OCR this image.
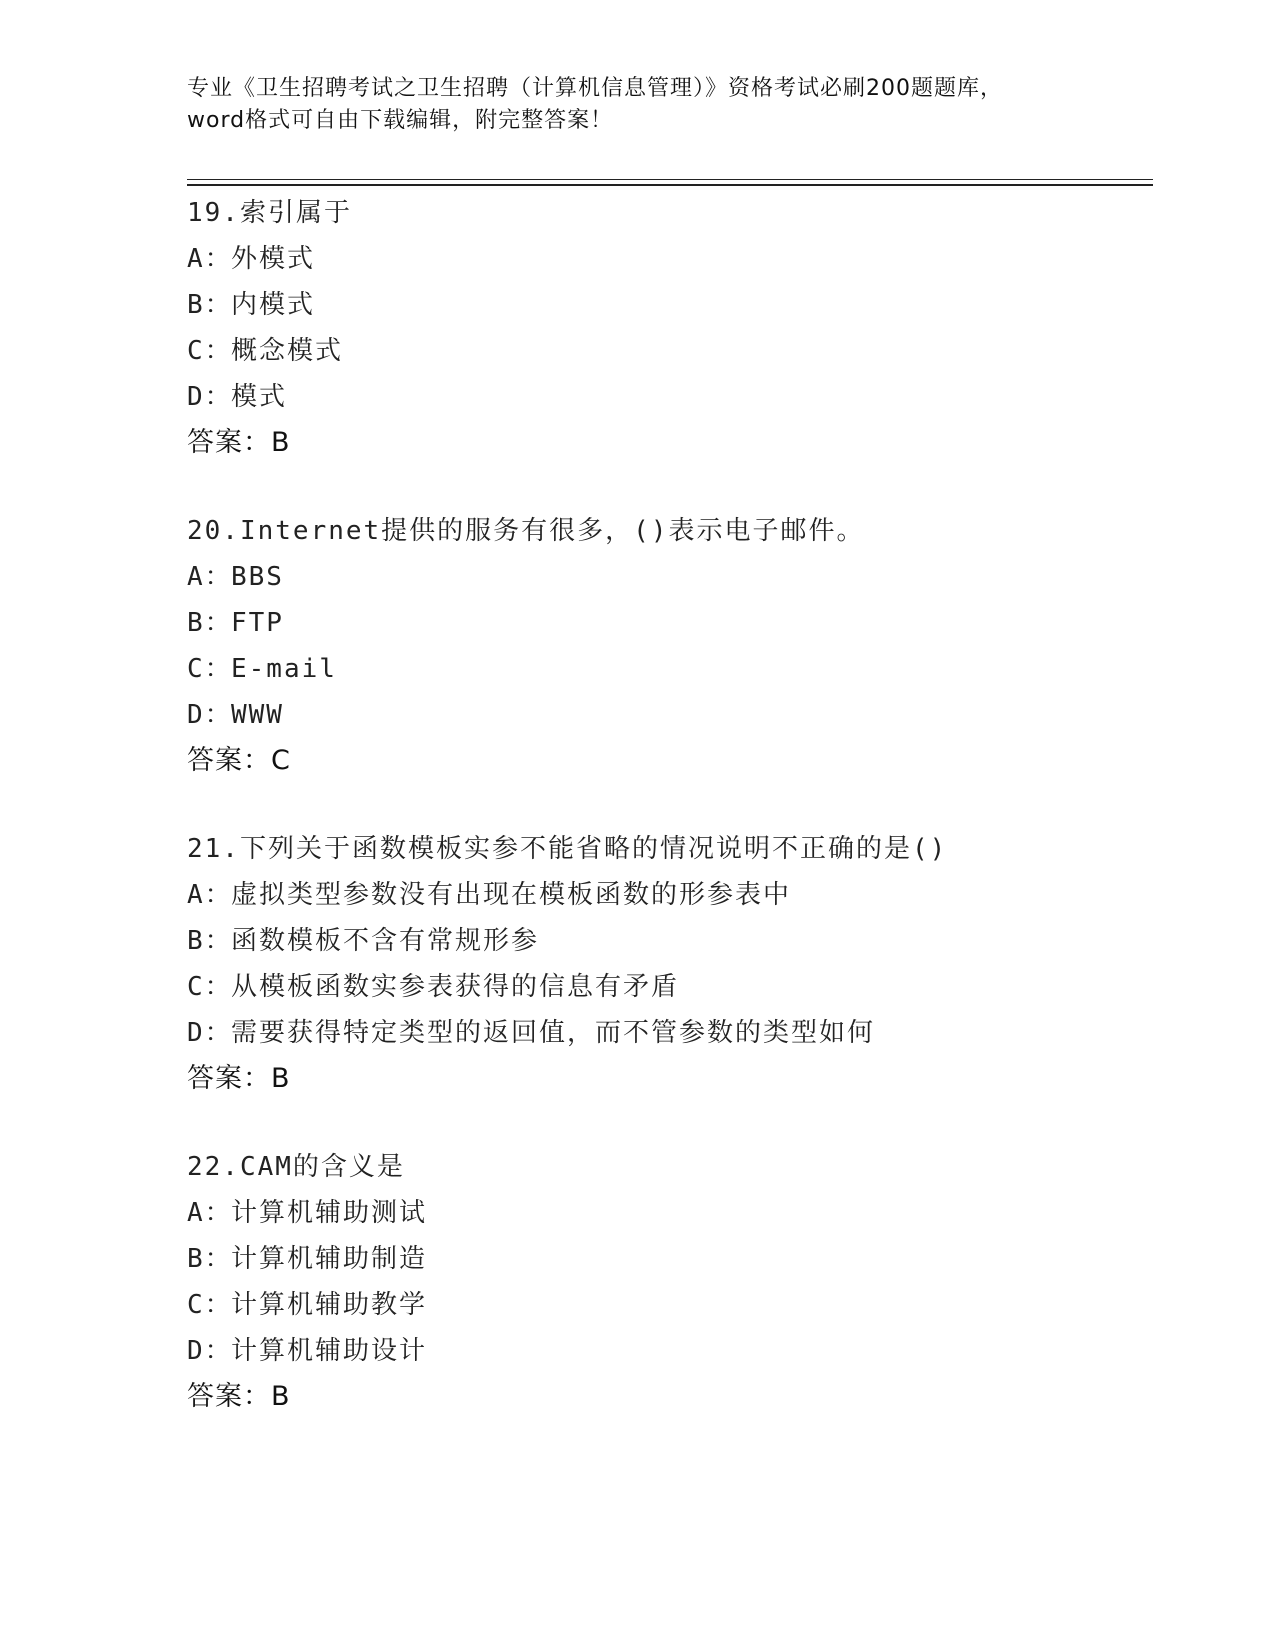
专业《卫生招聘考试之卫生招聘（计算机信息管理）》资格考试必刷200题题库，
word格式可自由下载编辑，附完整答案！
19.索引属于
A：外模式
B：内模式
C：概念模式
D：模式
答案：B
20.Internet提供的服务有很多，()表示电子邮件。
A：BBS
B：FTP
C：E-mail
D：WWW
答案：C
21.下列关于函数模板实参不能省略的情况说明不正确的是()
A：虚拟类型参数没有出现在模板函数的形参表中
B：函数模板不含有常规形参
C：从模板函数实参表获得的信息有矛盾
D：需要获得特定类型的返回值，而不管参数的类型如何
答案：B
22.CAM的含义是
A：计算机辅助测试
B：计算机辅助制造
C：计算机辅助教学
D：计算机辅助设计
答案：B
